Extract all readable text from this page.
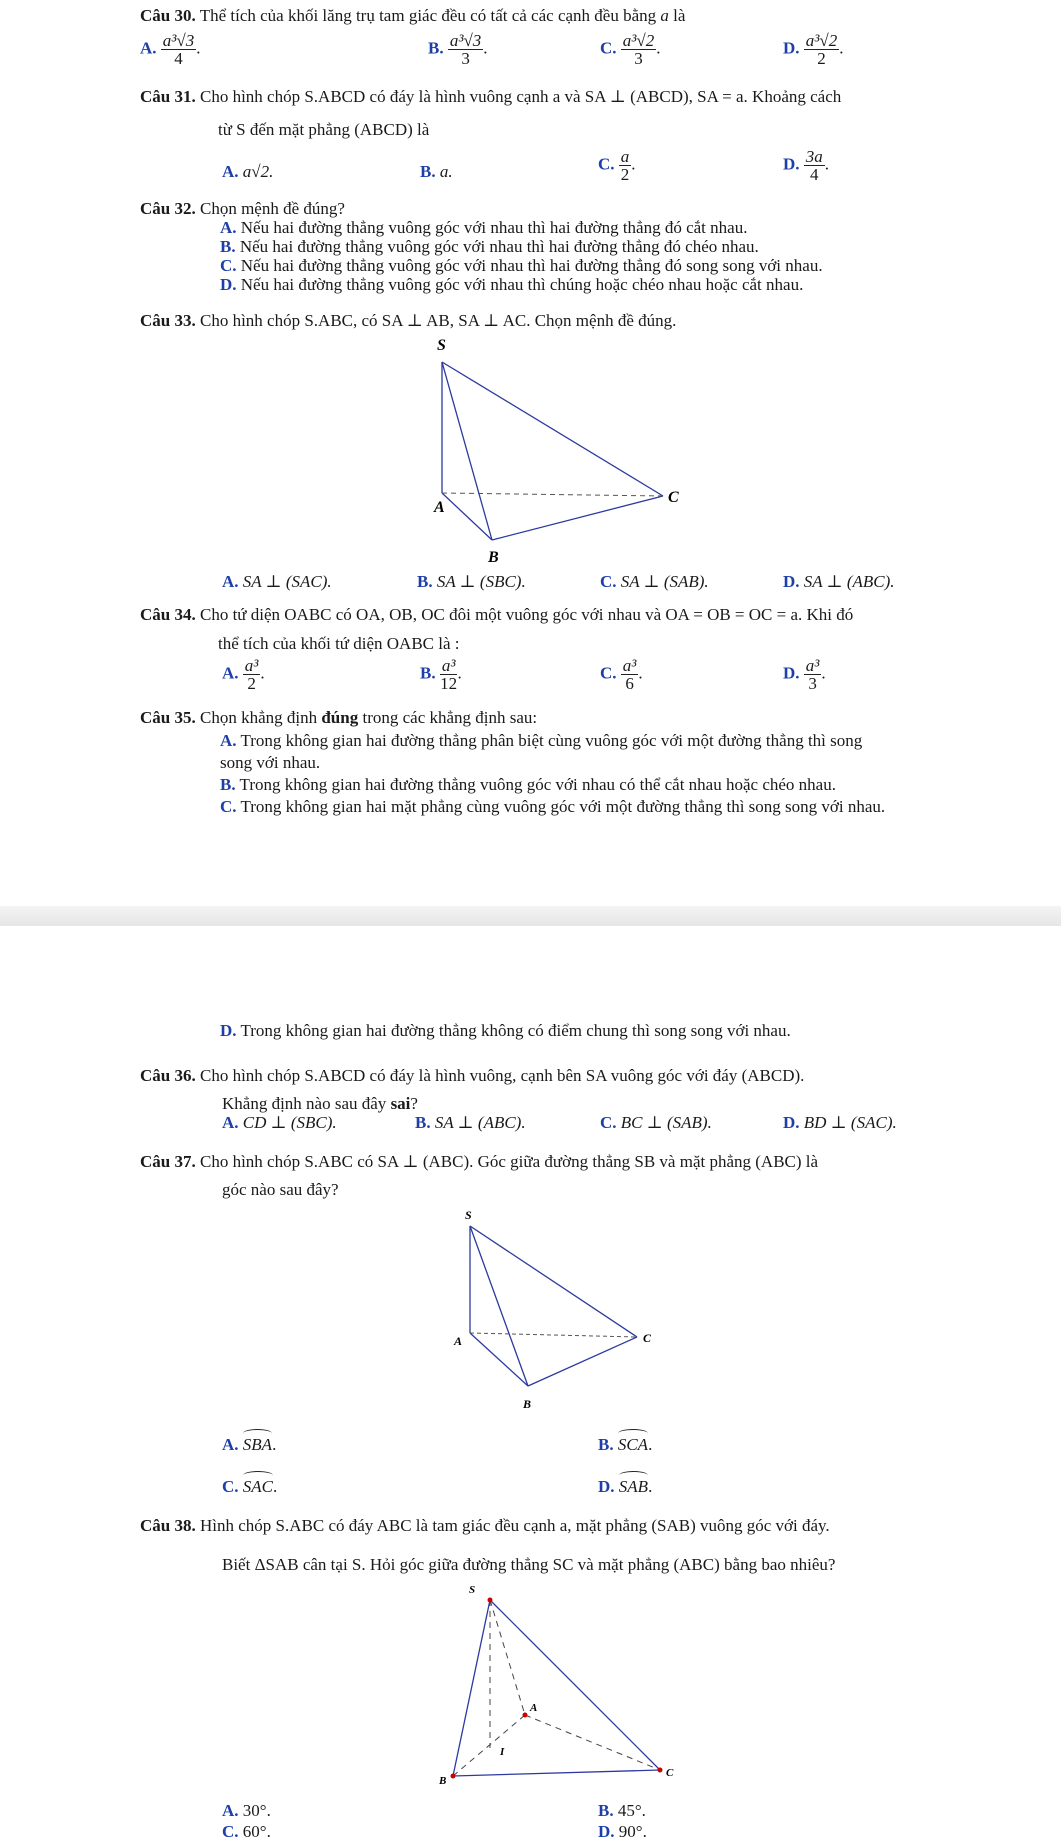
Câu 30. Thể tích của khối lăng trụ tam giác đều có tất cả các cạnh đều bằng a là
A. $\frac{\text{a³√3}}{4}$ .	B. $\frac{\text{a³√3}}{3}$ .	C. $\frac{\text{a³√2}}{3}$ .	D. $\frac{\text{a³√2}}{2}$ .
Câu 31. Cho hình chóp S.ABCD có đáy là hình vuông cạnh a và SA ⊥ (ABCD), SA = a. Khoảng cách
từ S đến mặt phẳng (ABCD) là
A. a√2.	B. a.	C. $\frac{a}{2}$ .	D. $\frac{3a}{4}$ .
Câu 32. Chọn mệnh đề đúng?
A. Nếu hai đường thẳng vuông góc với nhau thì hai đường thẳng đó cắt nhau.
B. Nếu hai đường thẳng vuông góc với nhau thì hai đường thẳng đó chéo nhau.
C. Nếu hai đường thẳng vuông góc với nhau thì hai đường thẳng đó song song với nhau.
D. Nếu hai đường thẳng vuông góc với nhau thì chúng hoặc chéo nhau hoặc cắt nhau.
Câu 33. Cho hình chóp S.ABC, có SA ⊥ AB, SA ⊥ AC. Chọn mệnh đề đúng.
S
A
B
C
A. SA ⊥ (SAC).	B. SA ⊥ (SBC).	C. SA ⊥ (SAB).	D. SA ⊥ (ABC).
Câu 34. Cho tứ diện OABC có OA, OB, OC đôi một vuông góc với nhau và OA = OB = OC = a. Khi đó
thể tích của khối tứ diện OABC là :
A. $\frac{\text{a³}}{2}$ .	B. $\frac{\text{a³}}{12}$ .	C. $\frac{\text{a³}}{6}$ .	D. $\frac{\text{a³}}{3}$ .
Câu 35. Chọn khẳng định đúng trong các khẳng định sau:
A. Trong không gian hai đường thẳng phân biệt cùng vuông góc với một đường thẳng thì song
song với nhau.
B. Trong không gian hai đường thẳng vuông góc với nhau có thể cắt nhau hoặc chéo nhau.
C. Trong không gian hai mặt phẳng cùng vuông góc với một đường thẳng thì song song với nhau.
D. Trong không gian hai đường thẳng không có điểm chung thì song song với nhau.
Câu 36. Cho hình chóp S.ABCD có đáy là hình vuông, cạnh bên SA vuông góc với đáy (ABCD).
Khẳng định nào sau đây sai?
A. CD ⊥ (SBC).	B. SA ⊥ (ABC).	C. BC ⊥ (SAB).	D. BD ⊥ (SAC).
Câu 37. Cho hình chóp S.ABC có SA ⊥ (ABC). Góc giữa đường thẳng SB và mặt phẳng (ABC) là
góc nào sau đây?
S
A
B
C
A. SBA.	B. SCA.
C. SAC.	D. SAB.
Câu 38. Hình chóp S.ABC có đáy ABC là tam giác đều cạnh a, mặt phẳng (SAB) vuông góc với đáy.
Biết ΔSAB cân tại S. Hỏi góc giữa đường thẳng SC và mặt phẳng (ABC) bằng bao nhiêu?
S
A
B
C
I
A. 30°.	B. 45°.
C. 60°.	D. 90°.
